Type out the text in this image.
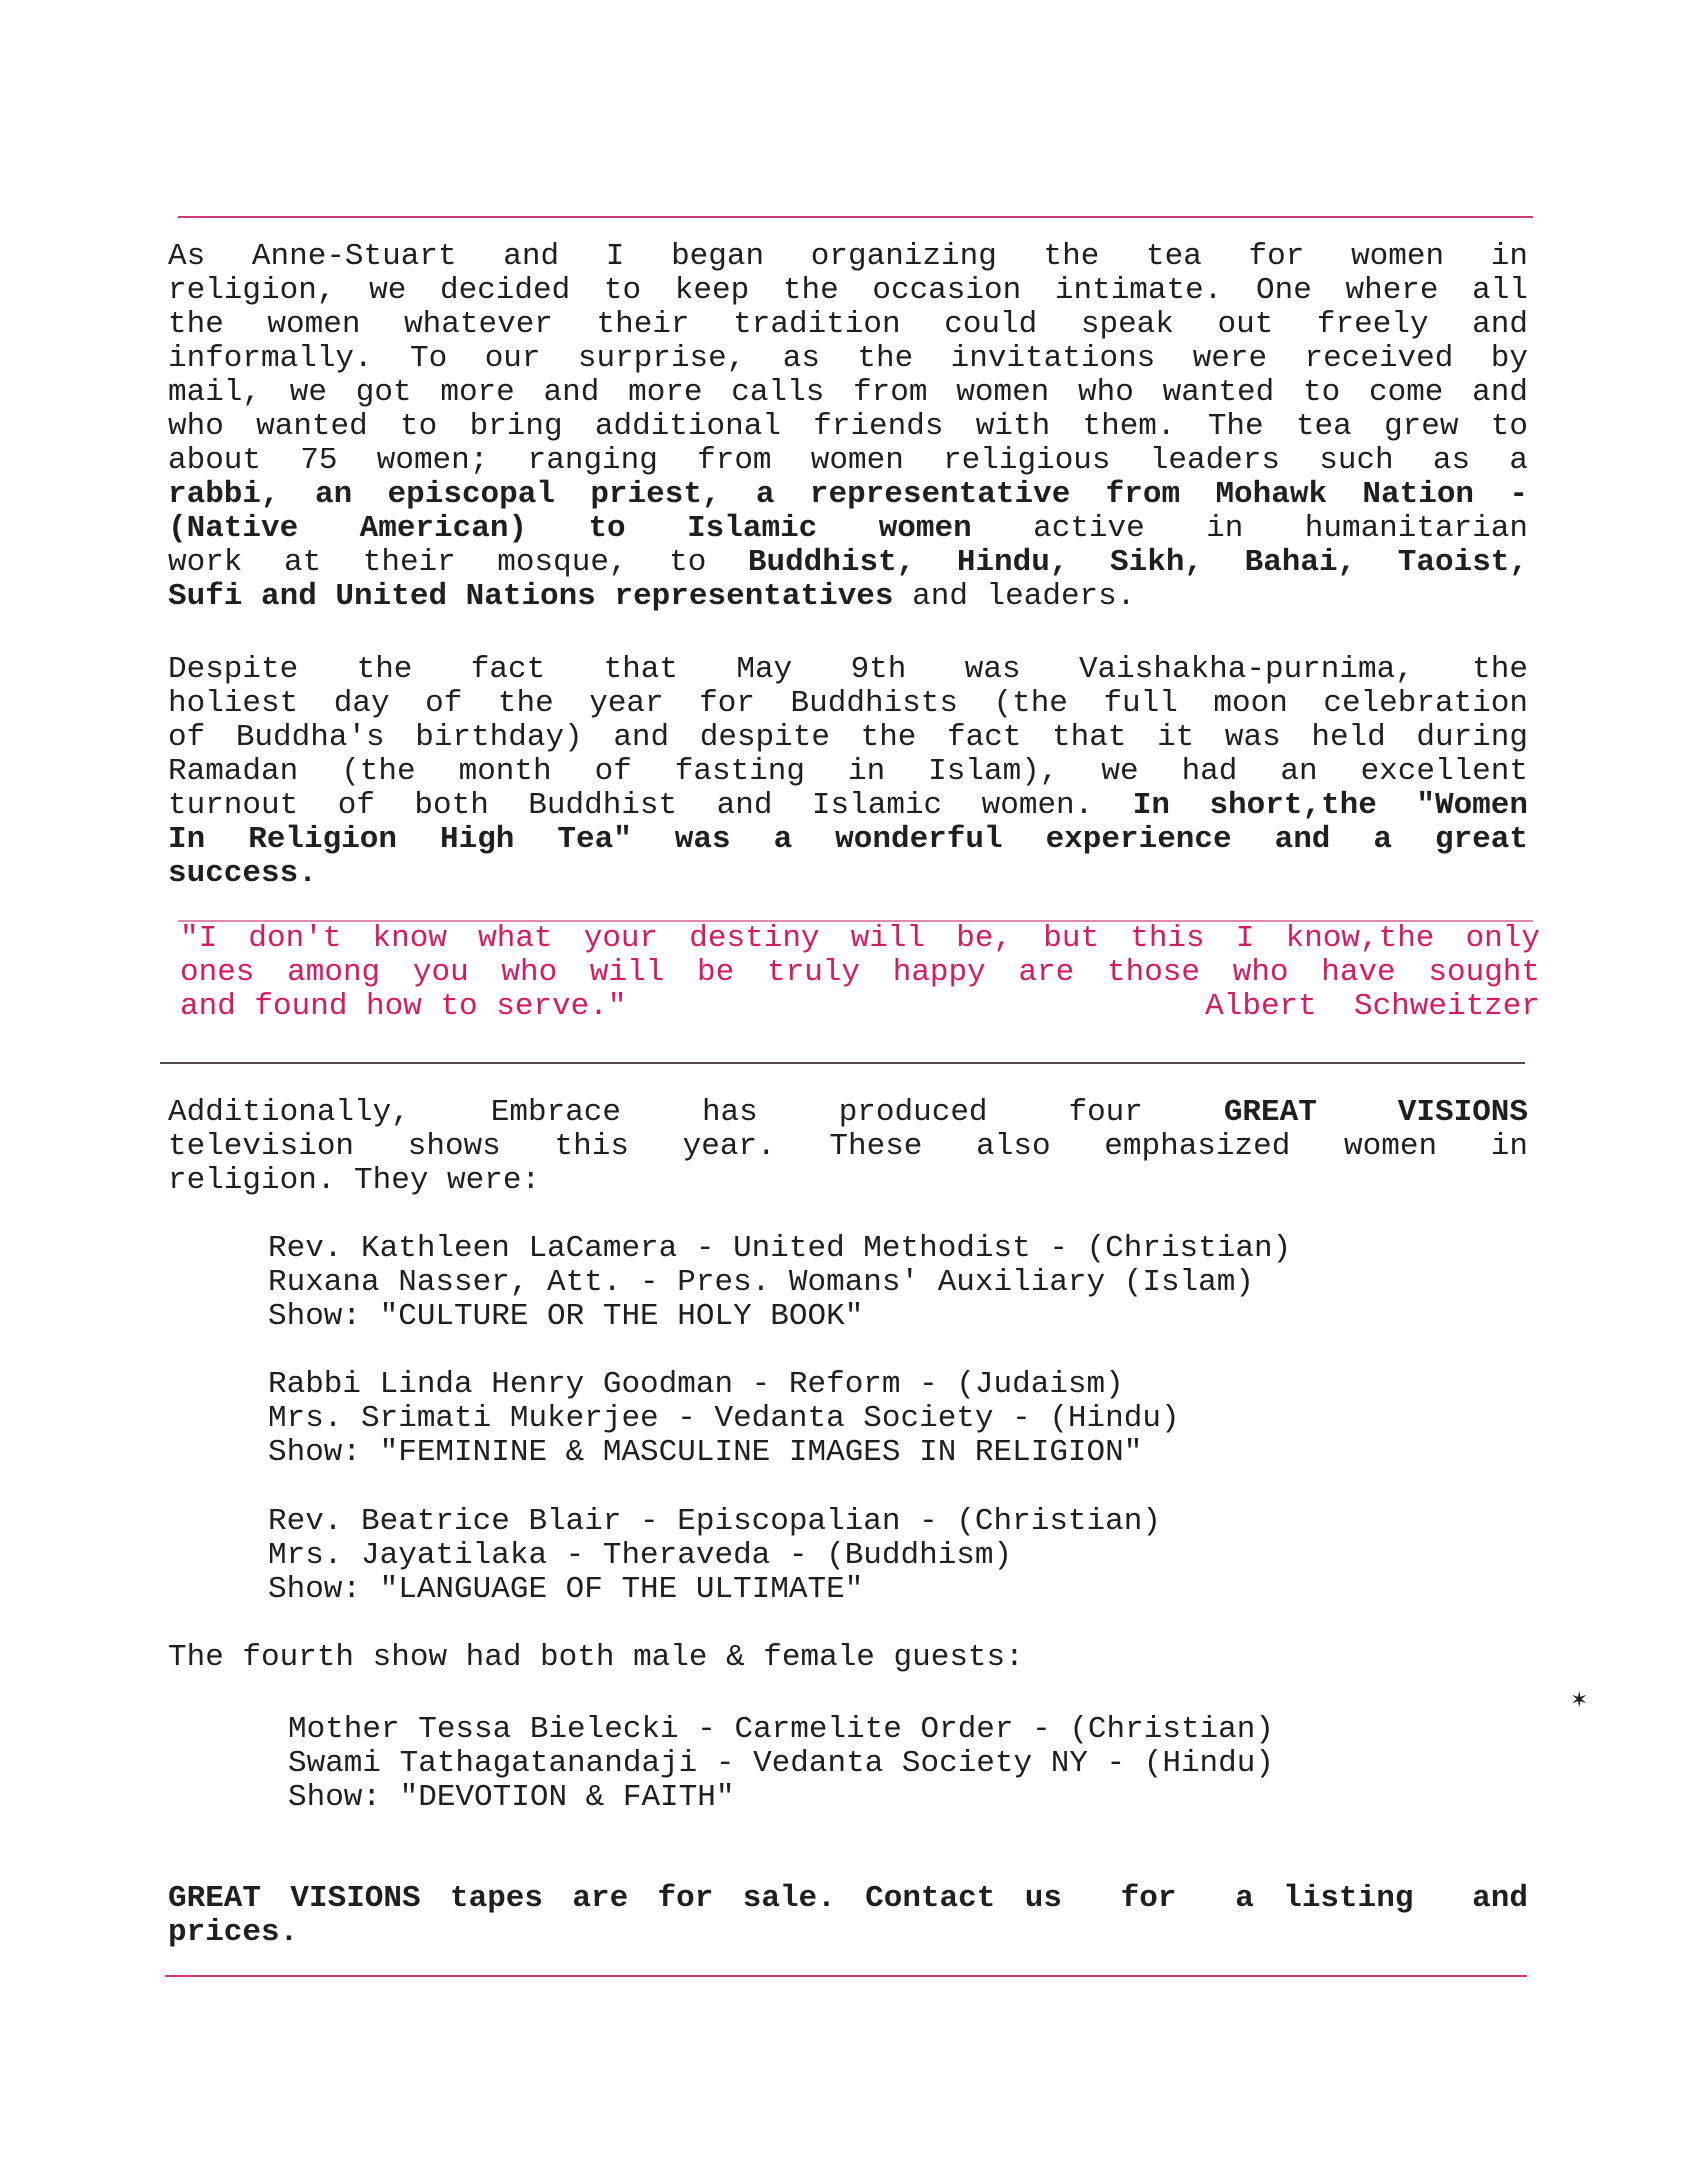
As Anne-Stuart and I began organizing the tea for women in
religion, we decided to keep the occasion intimate. One where all
the women whatever their tradition could speak out freely and
informally. To our surprise, as the invitations were received by
mail, we got more and more calls from women who wanted to come and
who wanted to bring additional friends with them. The tea grew to
about 75 women; ranging from women religious leaders such as a
rabbi, an episcopal priest, a representative from Mohawk Nation -
(Native American) to Islamic women active in humanitarian
work at their mosque, to Buddhist, Hindu, Sikh, Bahai, Taoist,
Sufi and United Nations representatives and leaders.
Despite the fact that May 9th was Vaishakha-purnima, the
holiest day of the year for Buddhists (the full moon celebration
of Buddha's birthday) and despite the fact that it was held during
Ramadan (the month of fasting in Islam), we had an excellent
turnout of both Buddhist and Islamic women. In short,the "Women
In Religion High Tea" was a wonderful experience and a great
success.
"I don't know what your destiny will be, but this I know,the only
ones among you who will be truly happy are those who have sought
and found how to serve."	Albert  Schweitzer
Additionally, Embrace has produced four GREAT VISIONS
television shows this year. These also emphasized women in
religion. They were:
Rev. Kathleen LaCamera - United Methodist - (Christian)
Ruxana Nasser, Att. - Pres. Womans' Auxiliary (Islam)
Show: "CULTURE OR THE HOLY BOOK"
Rabbi Linda Henry Goodman - Reform - (Judaism)
Mrs. Srimati Mukerjee - Vedanta Society - (Hindu)
Show: "FEMININE & MASCULINE IMAGES IN RELIGION"
Rev. Beatrice Blair - Episcopalian - (Christian)
Mrs. Jayatilaka - Theraveda - (Buddhism)
Show: "LANGUAGE OF THE ULTIMATE"
The fourth show had both male & female guests:
✶
Mother Tessa Bielecki - Carmelite Order - (Christian)
Swami Tathagatanandaji - Vedanta Society NY - (Hindu)
Show: "DEVOTION & FAITH"
GREAT VISIONS tapes are for sale. Contact us  for  a listing  and
prices.
